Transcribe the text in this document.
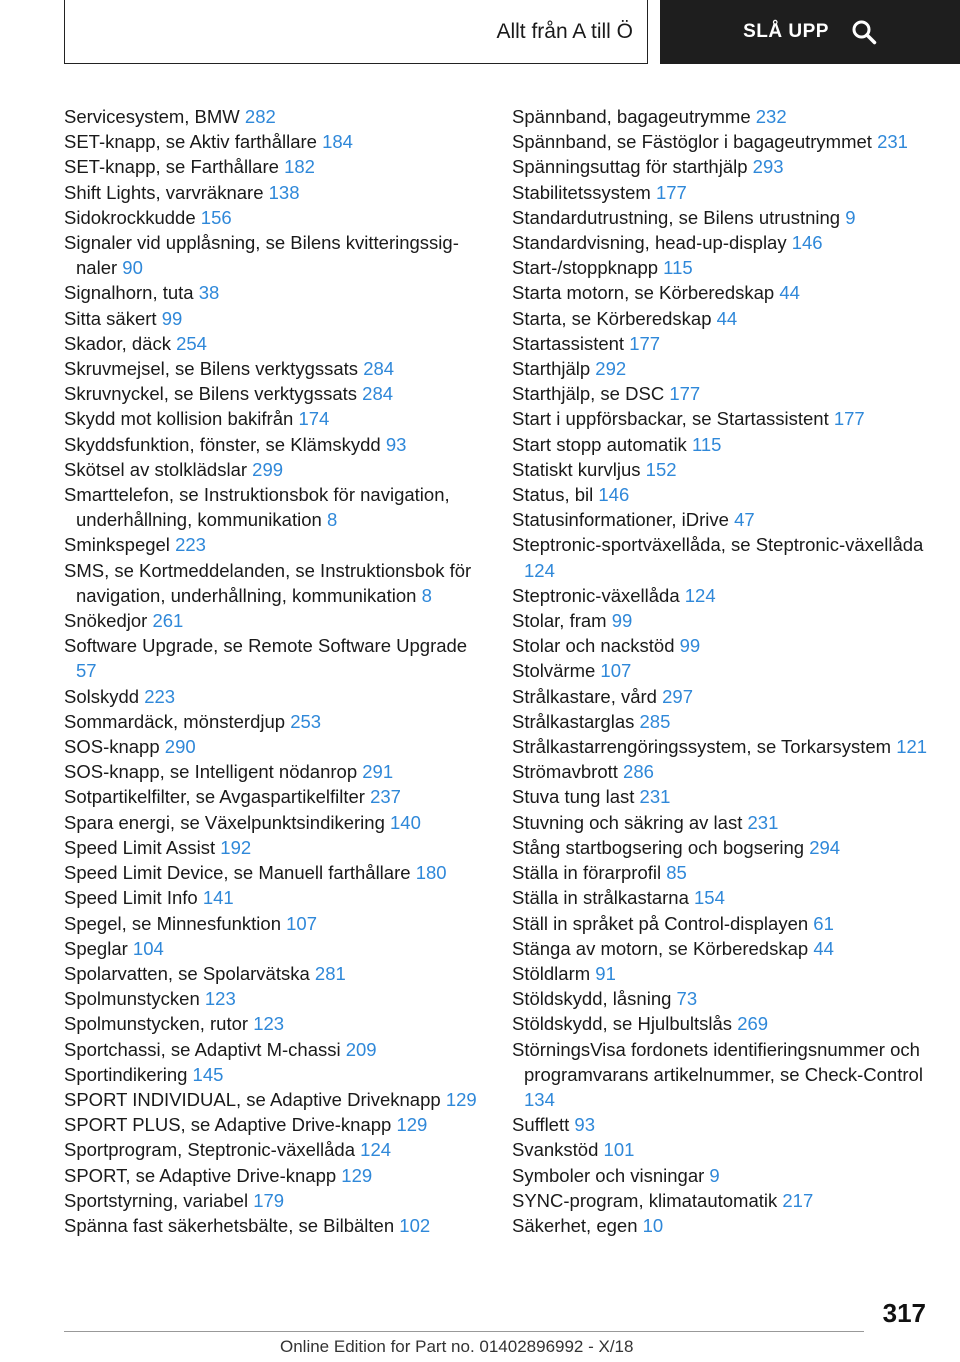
Allt från A till Ö	SLÅ UPP
Servicesystem, BMW 282
SET-knapp, se Aktiv farthållare 184
SET-knapp, se Farthållare 182
Shift Lights, varvräknare 138
Sidokrockkudde 156
Signaler vid upplåsning, se Bilens kvitteringssignaler 90
Signalhorn, tuta 38
Sitta säkert 99
Skador, däck 254
Skruvmejsel, se Bilens verktygssats 284
Skruvnyckel, se Bilens verktygssats 284
Skydd mot kollision bakifrån 174
Skyddsfunktion, fönster, se Klämskydd 93
Skötsel av stolklädslar 299
Smarttelefon, se Instruktionsbok för navigation, underhållning, kommunikation 8
Sminkspegel 223
SMS, se Kortmeddelanden, se Instruktionsbok för navigation, underhållning, kommunikation 8
Snökedjor 261
Software Upgrade, se Remote Software Upgrade 57
Solskydd 223
Sommardäck, mönsterdjup 253
SOS-knapp 290
SOS-knapp, se Intelligent nödanrop 291
Sotpartikelfilter, se Avgaspartikelfilter 237
Spara energi, se Växelpunktsindikering 140
Speed Limit Assist 192
Speed Limit Device, se Manuell farthållare 180
Speed Limit Info 141
Spegel, se Minnesfunktion 107
Speglar 104
Spolarvatten, se Spolarvätska 281
Spolmunstycken 123
Spolmunstycken, rutor 123
Sportchassi, se Adaptivt M-chassi 209
Sportindikering 145
SPORT INDIVIDUAL, se Adaptive Driveknapp 129
SPORT PLUS, se Adaptive Drive-knapp 129
Sportprogram, Steptronic-växellåda 124
SPORT, se Adaptive Drive-knapp 129
Sportstyrning, variabel 179
Spänna fast säkerhetsbälte, se Bilbälten 102
Spännband, bagageutrymme 232
Spännband, se Fästöglor i bagageutrymmet 231
Spänningsuttag för starthjälp 293
Stabilitetssystem 177
Standardutrustning, se Bilens utrustning 9
Standardvisning, head-up-display 146
Start-/stoppknapp 115
Starta motorn, se Körberedskap 44
Starta, se Körberedskap 44
Startassistent 177
Starthjälp 292
Starthjälp, se DSC 177
Start i uppförsbackar, se Startassistent 177
Start stopp automatik 115
Statiskt kurvljus 152
Status, bil 146
Statusinformationer, iDrive 47
Steptronic-sportväxellåda, se Steptronic-växellåda 124
Steptronic-växellåda 124
Stolar, fram 99
Stolar och nackstöd 99
Stolvärme 107
Strålkastare, vård 297
Strålkastarglas 285
Strålkastarrengöringssystem, se Torkarsystem 121
Strömavbrott 286
Stuva tung last 231
Stuvning och säkring av last 231
Stång startbogsering och bogsering 294
Ställa in förarprofil 85
Ställa in strålkastarna 154
Ställ in språket på Control-displayen 61
Stänga av motorn, se Körberedskap 44
Stöldlarm 91
Stöldskydd, låsning 73
Stöldskydd, se Hjulbultslås 269
StörningsVisa fordonets identifieringsnummer och programvarans artikelnummer, se Check-Control 134
Sufflett 93
Svankstöd 101
Symboler och visningar 9
SYNC-program, klimatautomatik 217
Säkerhet, egen 10
317
Online Edition for Part no. 01402896992 - X/18
